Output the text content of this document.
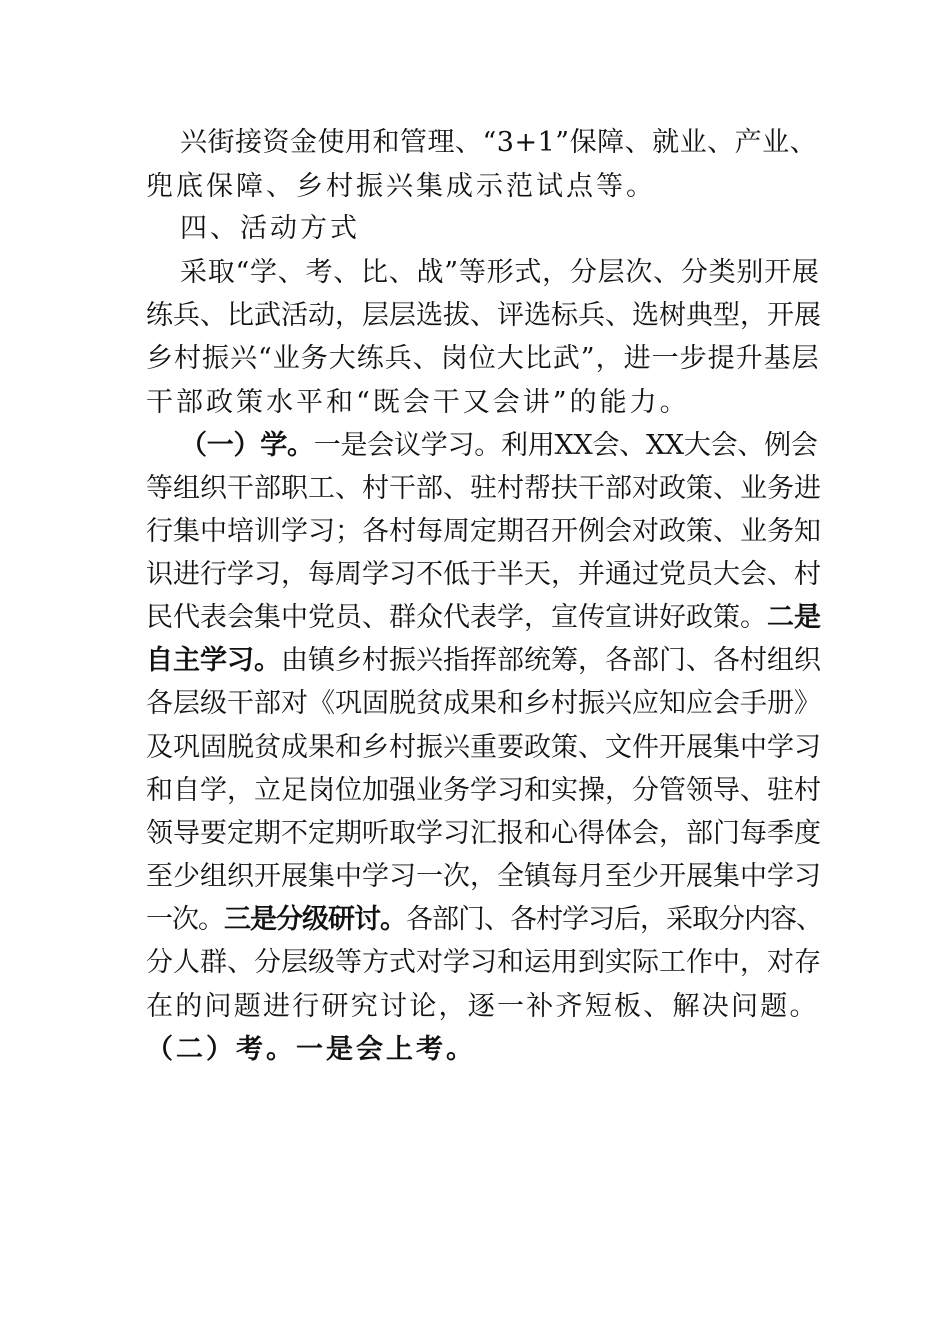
兴街接资金使用和管理、“3+1”保障、就业、产业、
兜底保障、乡村振兴集成示范试点等。
四、活动方式
采取“学、考、比、战”等形式，分层次、分类别开展
练兵、比武活动，层层选拔、评选标兵、选树典型，开展
乡村振兴“业务大练兵、岗位大比武”，进一步提升基层
干部政策水平和“既会干又会讲”的能力。
（一）学。一是会议学习。利用XX会、XX大会、例会
等组织干部职工、村干部、驻村帮扶干部对政策、业务进
行集中培训学习；各村每周定期召开例会对政策、业务知
识进行学习，每周学习不低于半天，并通过党员大会、村
民代表会集中党员、群众代表学，宣传宣讲好政策。二是
自主学习。由镇乡村振兴指挥部统筹，各部门、各村组织
各层级干部对《巩固脱贫成果和乡村振兴应知应会手册》
及巩固脱贫成果和乡村振兴重要政策、文件开展集中学习
和自学，立足岗位加强业务学习和实操，分管领导、驻村
领导要定期不定期听取学习汇报和心得体会，部门每季度
至少组织开展集中学习一次，全镇每月至少开展集中学习
一次。三是分级研讨。各部门、各村学习后，采取分内容、
分人群、分层级等方式对学习和运用到实际工作中，对存
在的问题进行研究讨论，逐一补齐短板、解决问题。
（二）考。一是会上考。
